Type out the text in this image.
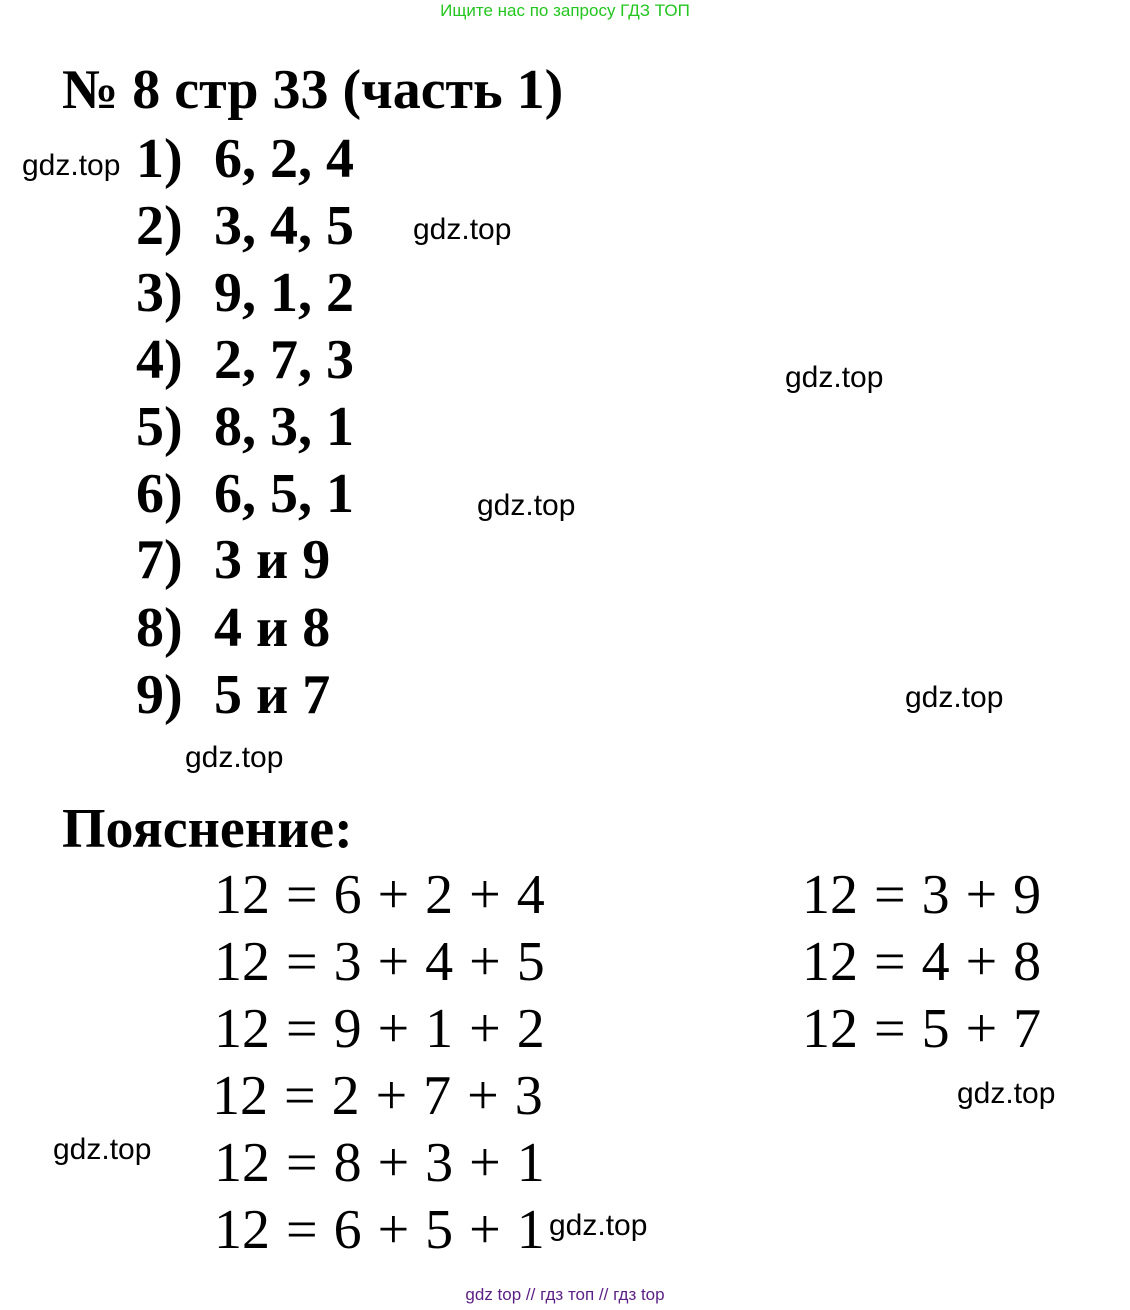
Ищите нас по запросу ГДЗ ТОП
№ 8 стр 33 (часть 1)
1) 6, 2, 4
2) 3, 4, 5
3) 9, 1, 2
4) 2, 7, 3
5) 8, 3, 1
6) 6, 5, 1
7) 3 и 9
8) 4 и 8
9) 5 и 7
Пояснение:
12 = 6 + 2 + 4
12 = 3 + 4 + 5
12 = 9 + 1 + 2
12 = 2 + 7 + 3
12 = 8 + 3 + 1
12 = 6 + 5 + 1
12 = 3 + 9
12 = 4 + 8
12 = 5 + 7
gdz.top
gdz.top
gdz.top
gdz.top
gdz.top
gdz.top
gdz.top
gdz.top
gdz.top
gdz top // гдз топ // гдз top
